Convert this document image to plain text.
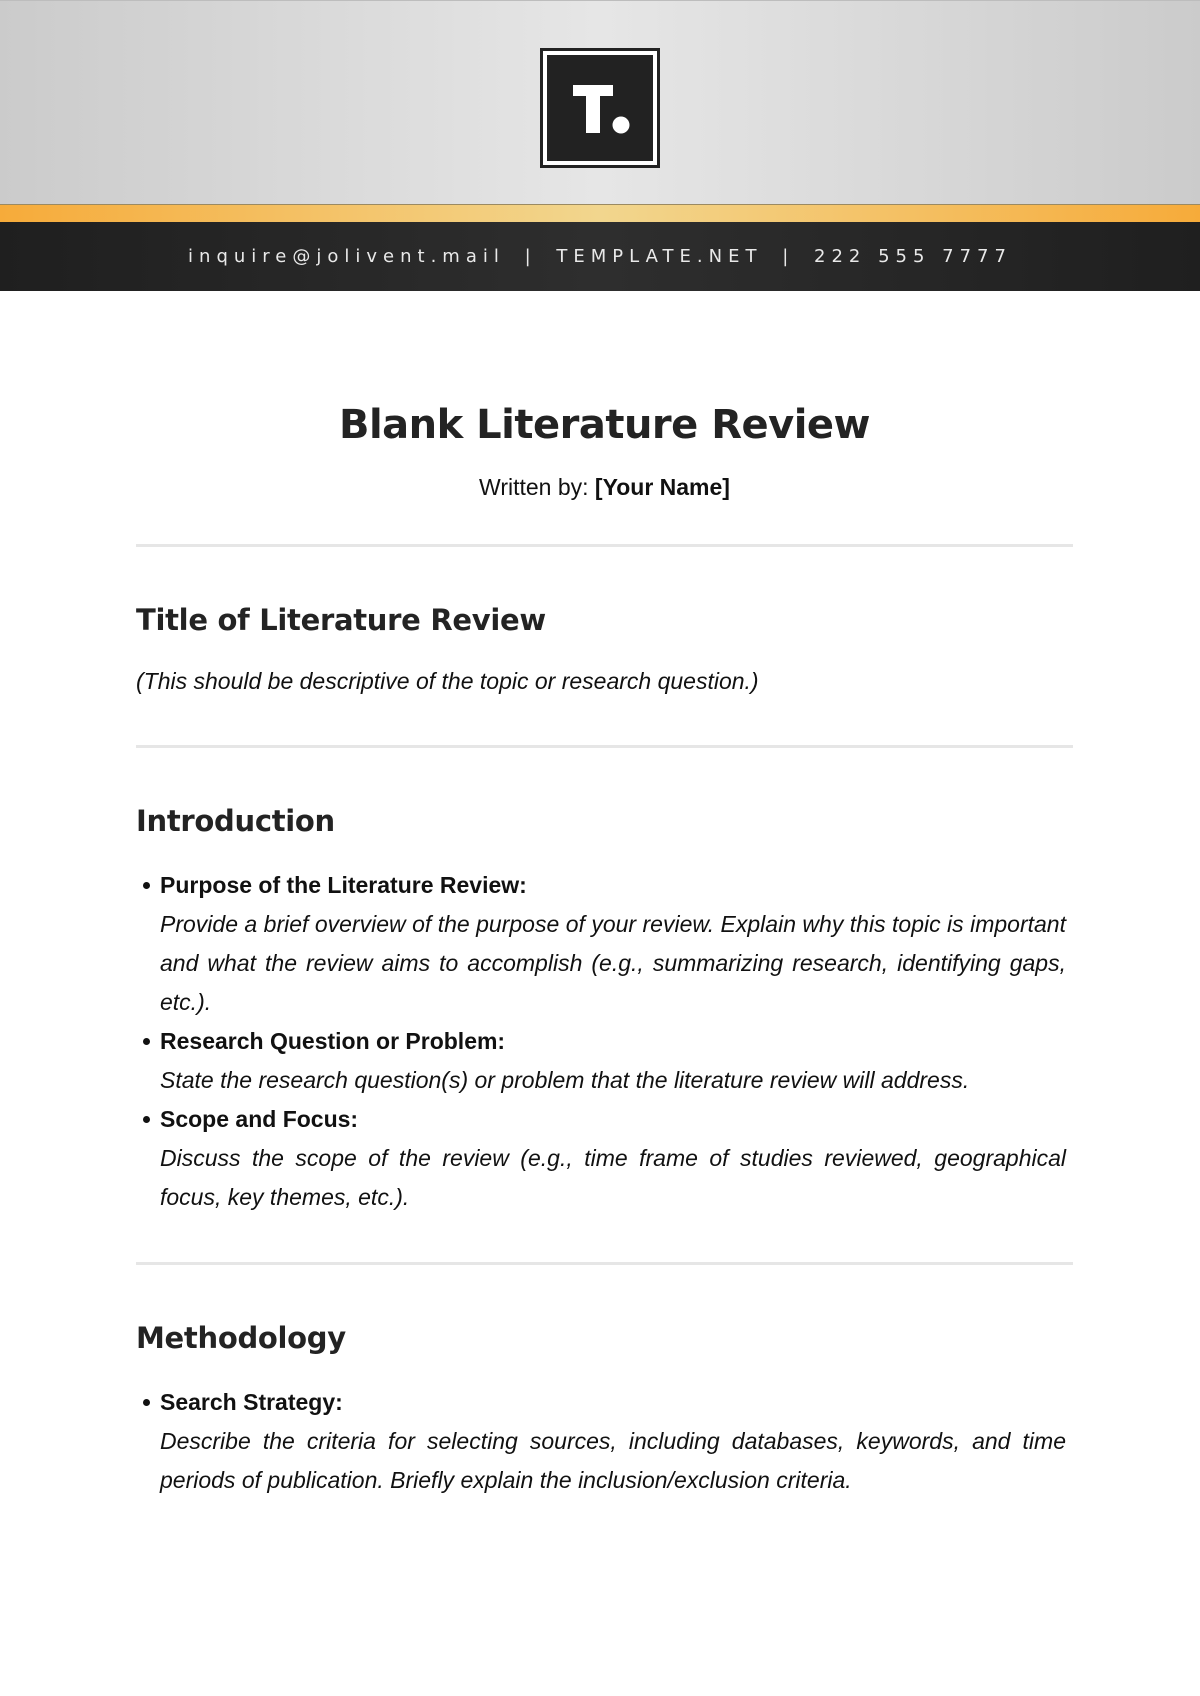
inquire@jolivent.mail | TEMPLATE.NET | 222 555 7777
Blank Literature Review
Written by: [Your Name]
Title of Literature Review

(This should be descriptive of the topic or research question.)

Introduction
Purpose of the Literature Review:
Provide a brief overview of the purpose of your review. Explain why this topic is important and what the review aims to accomplish (e.g., summarizing research, identifying gaps, etc.).
Research Question or Problem:
State the research question(s) or problem that the literature review will address.
Scope and Focus:
Discuss the scope of the review (e.g., time frame of studies reviewed, geographical focus, key themes, etc.).
Methodology
Search Strategy:
Describe the criteria for selecting sources, including databases, keywords, and time periods of publication. Briefly explain the inclusion/exclusion criteria.
